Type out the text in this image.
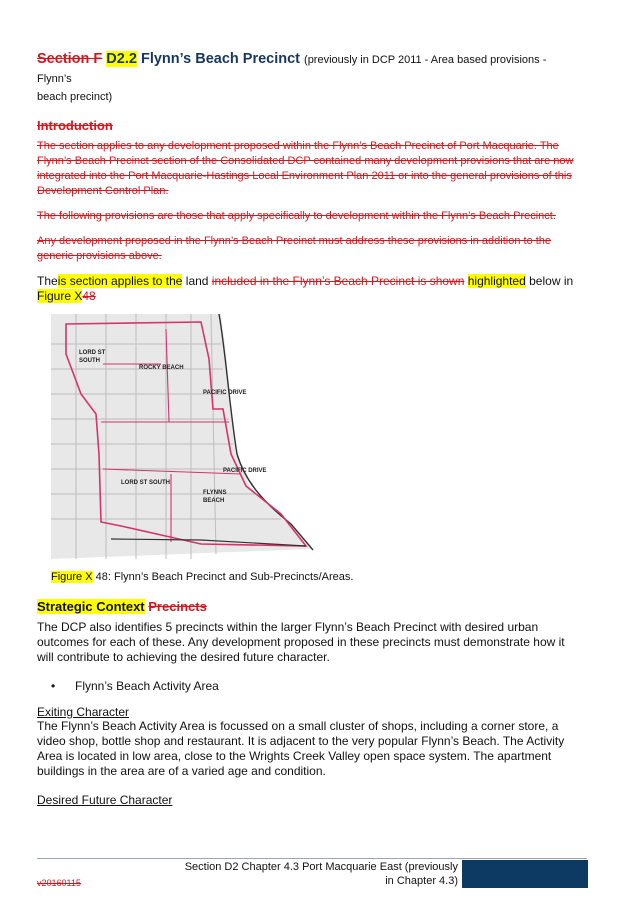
Section F D2.2 Flynn’s Beach Precinct (previously in DCP 2011 - Area based provisions - Flynn’s
beach precinct)
Introduction

The section applies to any development proposed within the Flynn’s Beach Precinct of Port Macquarie. The Flynn’s Beach Precinct section of the Consolidated DCP contained many development provisions that are now integrated into the Port Macquarie-Hastings Local Environment Plan 2011 or into the general provisions of this Development Control Plan.

The following provisions are those that apply specifically to development within the Flynn’s Beach Precinct.

Any development proposed in the Flynn’s Beach Precinct must address these provisions in addition to the generic provisions above.

Theis section applies to the land included in the Flynn’s Beach Precinct is shown highlighted below in
Figure X48

LORD ST
SOUTH
ROCKY BEACH
PACIFIC DRIVE
PACIFIC DRIVE
LORD ST SOUTH
FLYNNS
BEACH
Figure X 48: Flynn’s Beach Precinct and Sub-Precincts/Areas.
Strategic Context Precincts

The DCP also identifies 5 precincts within the larger Flynn’s Beach Precinct with desired urban outcomes for each of these. Any development proposed in these precincts must demonstrate how it will contribute to achieving the desired future character.

•	Flynn’s Beach Activity Area
Exiting Character

The Flynn’s Beach Activity Area is focussed on a small cluster of shops, including a corner store, a video shop, bottle shop and restaurant. It is adjacent to the very popular Flynn’s Beach. The Activity Area is located in low area, close to the Wrights Creek Valley open space system. The apartment buildings in the area are of a varied age and condition.

Desired Future Character
Section D2 Chapter 4.3 Port Macquarie East (previously
in Chapter 4.3)
v20160115
